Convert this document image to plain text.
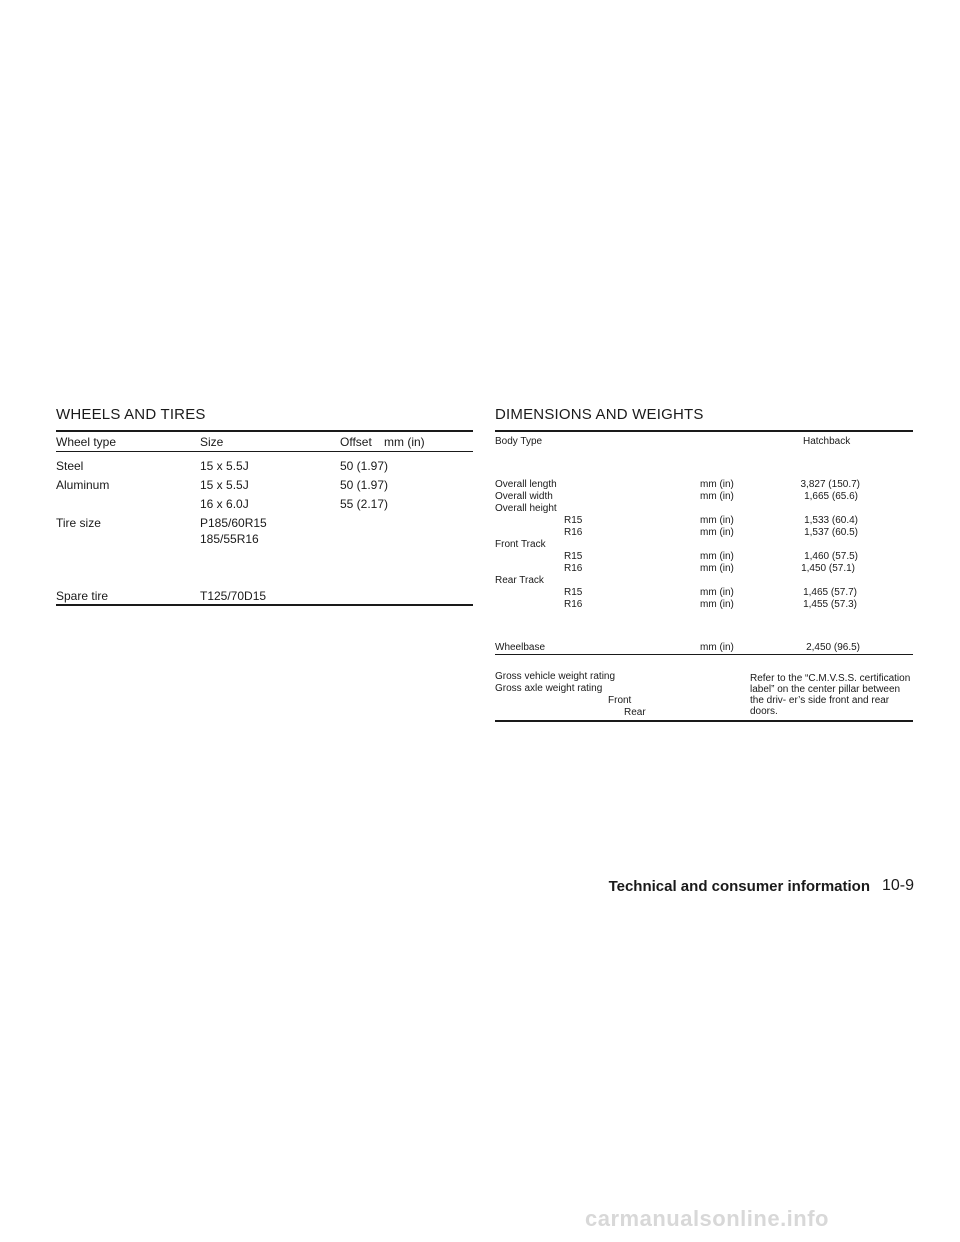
WHEELS AND TIRES
Wheel type	Size	Offset mm (in)
Steel	15 x 5.5J	50 (1.97)
Aluminum	15 x 5.5J	50 (1.97)
16 x 6.0J	55 (2.17)
Tire size	P185/60R15
185/55R16
Spare tire	T125/70D15
DIMENSIONS AND WEIGHTS
Body Type	Hatchback
Overall length	mm (in)	3,827 (150.7)
Overall width	mm (in)	1,665 (65.6)
Overall height
R15	mm (in)	1,533 (60.4)
R16	mm (in)	1,537 (60.5)
Front Track
R15	mm (in)	1,460 (57.5)
R16	mm (in)	1,450 (57.1)
Rear Track
R15	mm (in)	1,465 (57.7)
R16	mm (in)	1,455 (57.3)
Wheelbase	mm (in)	2,450 (96.5)
Gross vehicle weight rating
Gross axle weight rating
Front
Rear
Refer to the “C.M.V.S.S. certification label” on the center pillar between the driv- er’s side front and rear doors.
Technical and consumer information 10-9
carmanualsonline.info
